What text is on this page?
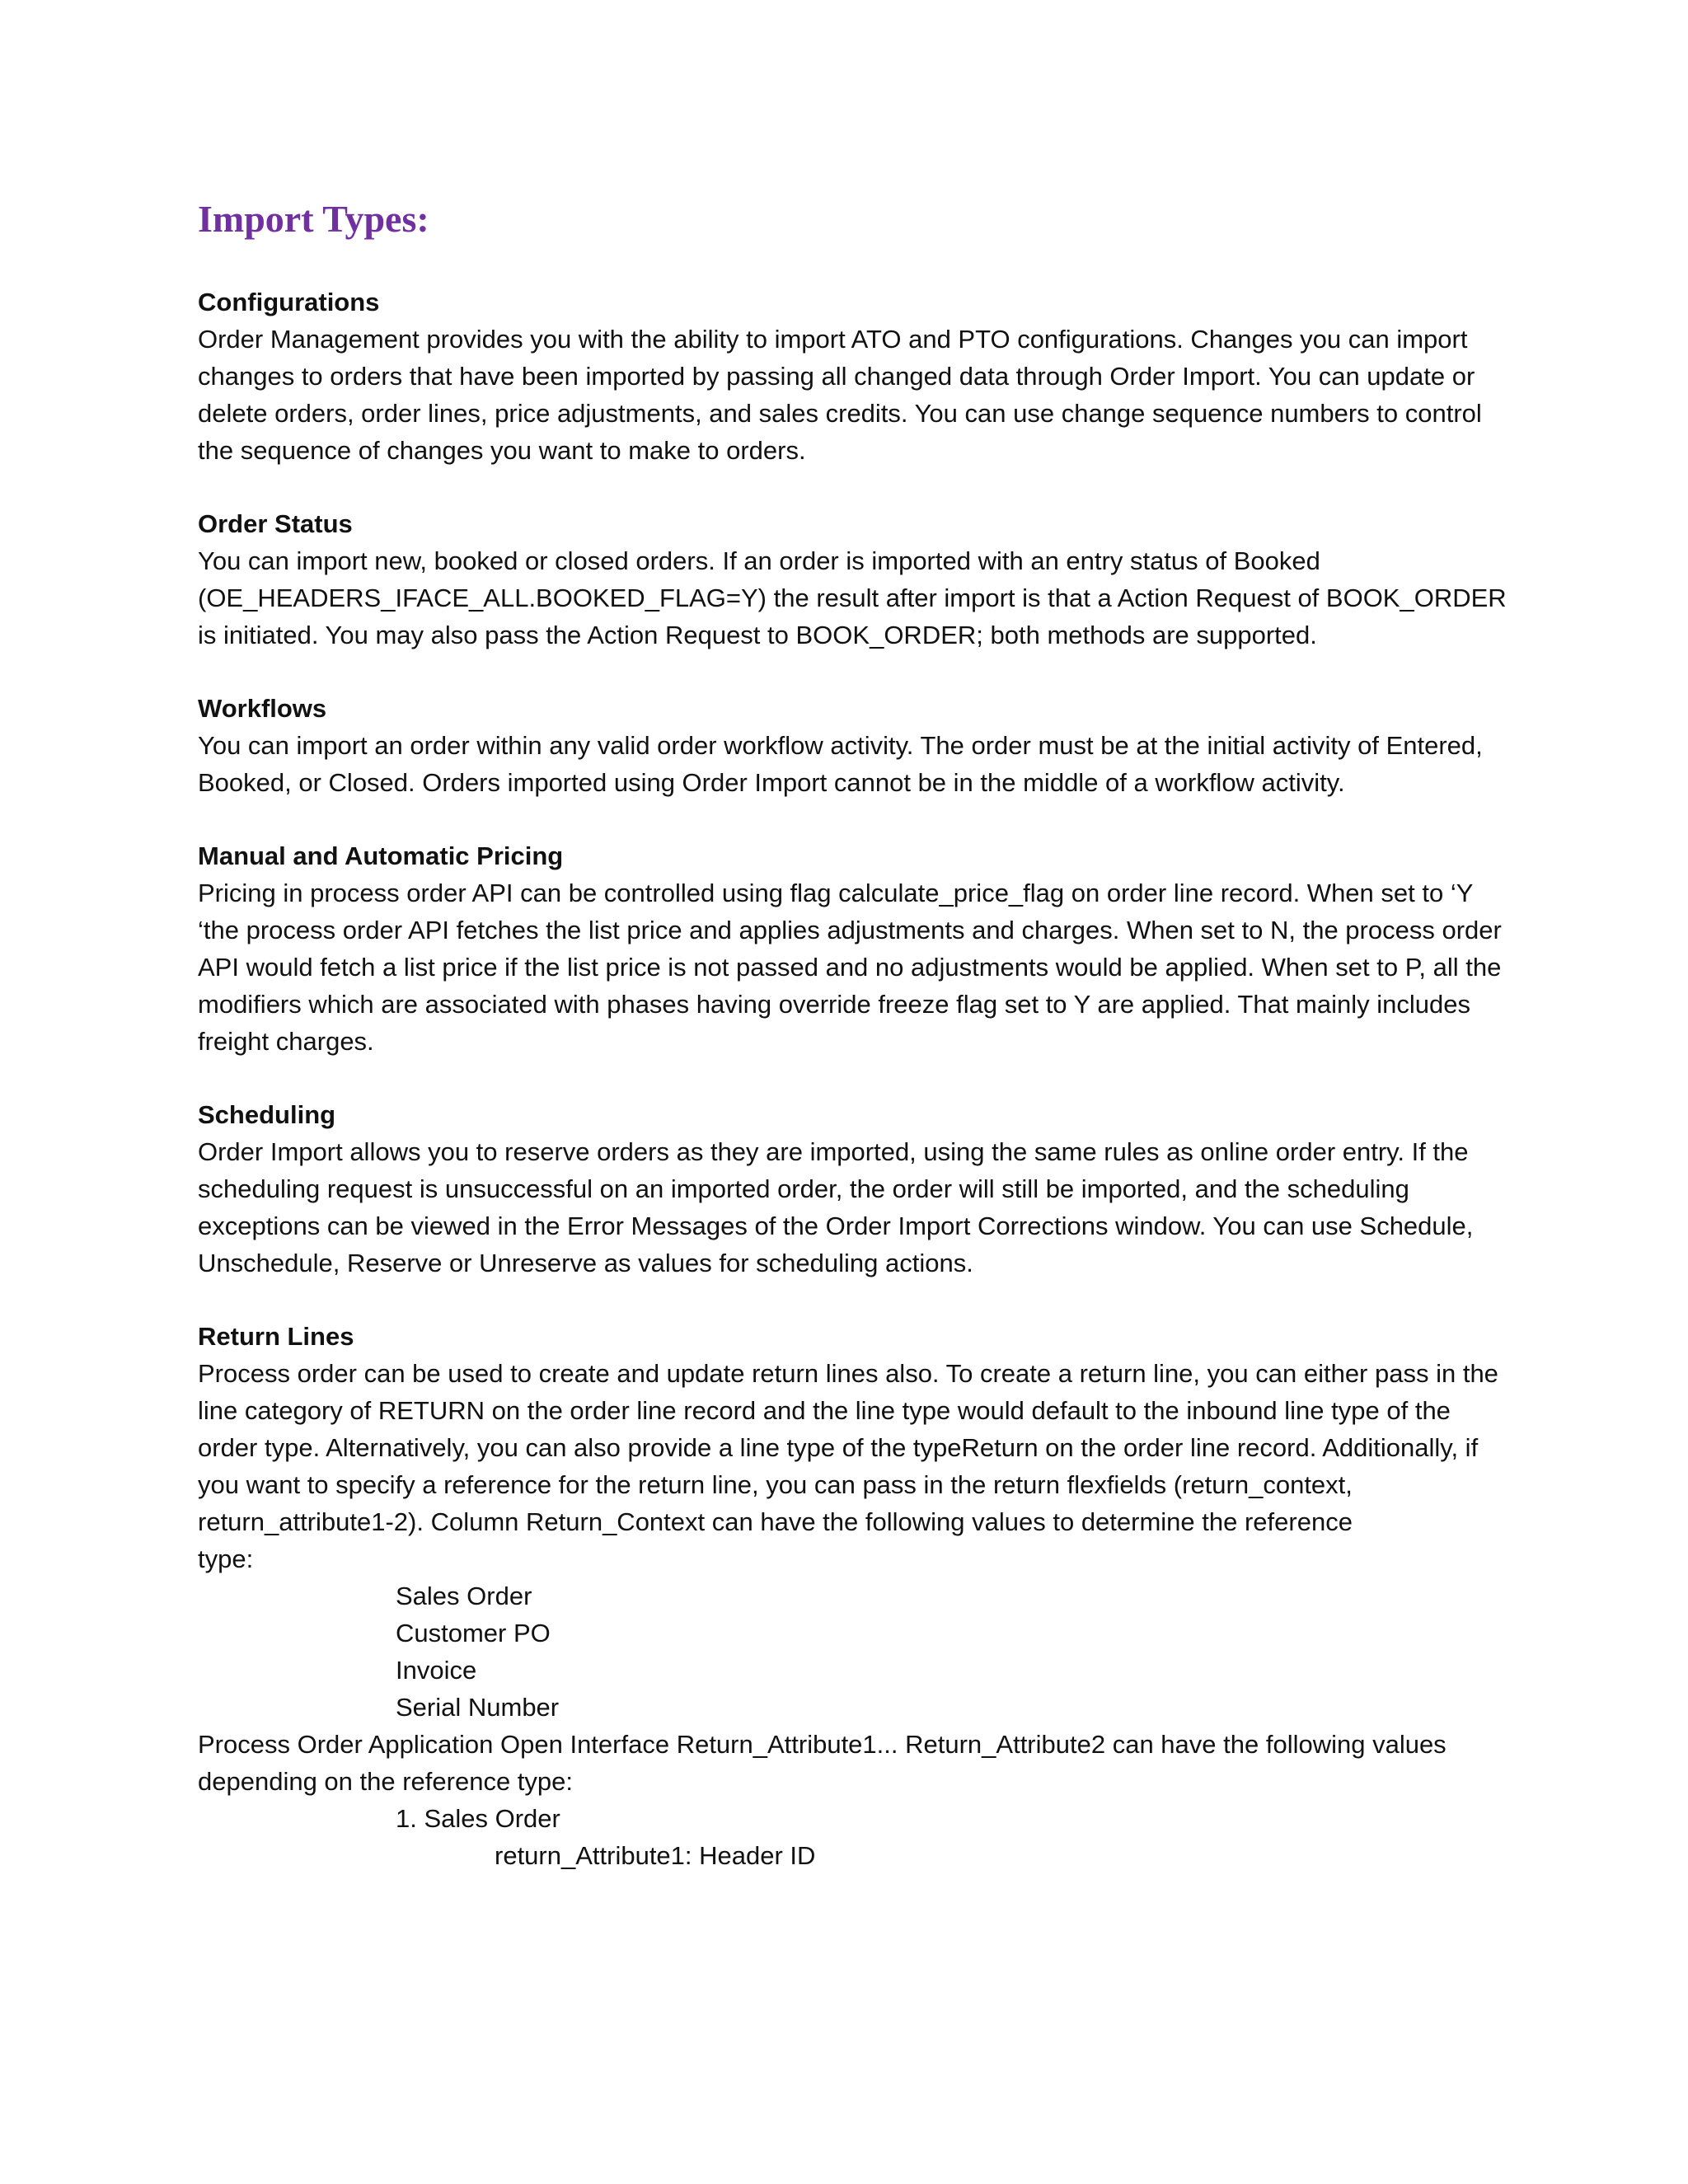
Import Types:

Configurations

Order Management provides you with the ability to import ATO and PTO configurations. Changes you can import changes to orders that have been imported by passing all changed data through Order Import. You can update or delete orders, order lines, price adjustments, and sales credits. You can use change sequence numbers to control the sequence of changes you want to make to orders.

Order Status

You can import new, booked or closed orders. If an order is imported with an entry status of Booked (OE_HEADERS_IFACE_ALL.BOOKED_FLAG=Y) the result after import is that a Action Request of BOOK_ORDER is initiated. You may also pass the Action Request to BOOK_ORDER; both methods are supported.

Workflows

You can import an order within any valid order workflow activity. The order must be at the initial activity of Entered, Booked, or Closed. Orders imported using Order Import cannot be in the middle of a workflow activity.

Manual and Automatic Pricing

Pricing in process order API can be controlled using flag calculate_price_flag on order line record. When set to ‘Y ‘the process order API fetches the list price and applies adjustments and charges. When set to N, the process order API would fetch a list price if the list price is not passed and no adjustments would be applied. When set to P, all the modifiers which are associated with phases having override freeze flag set to Y are applied. That mainly includes freight charges.

Scheduling

Order Import allows you to reserve orders as they are imported, using the same rules as online order entry. If the scheduling request is unsuccessful on an imported order, the order will still be imported, and the scheduling exceptions can be viewed in the Error Messages of the Order Import Corrections window. You can use Schedule, Unschedule, Reserve or Unreserve as values for scheduling actions.

Return Lines

Process order can be used to create and update return lines also. To create a return line, you can either pass in the line category of RETURN on the order line record and the line type would default to the inbound line type of the order type. Alternatively, you can also provide a line type of the typeReturn on the order line record. Additionally, if you want to specify a reference for the return line, you can pass in the return flexfields (return_context, return_attribute1-2). Column Return_Context can have the following values to determine the reference

type:

Sales Order
Customer PO
Invoice
Serial Number

Process Order Application Open Interface Return_Attribute1... Return_Attribute2 can have the following values depending on the reference type:

1. Sales Order

return_Attribute1: Header ID
